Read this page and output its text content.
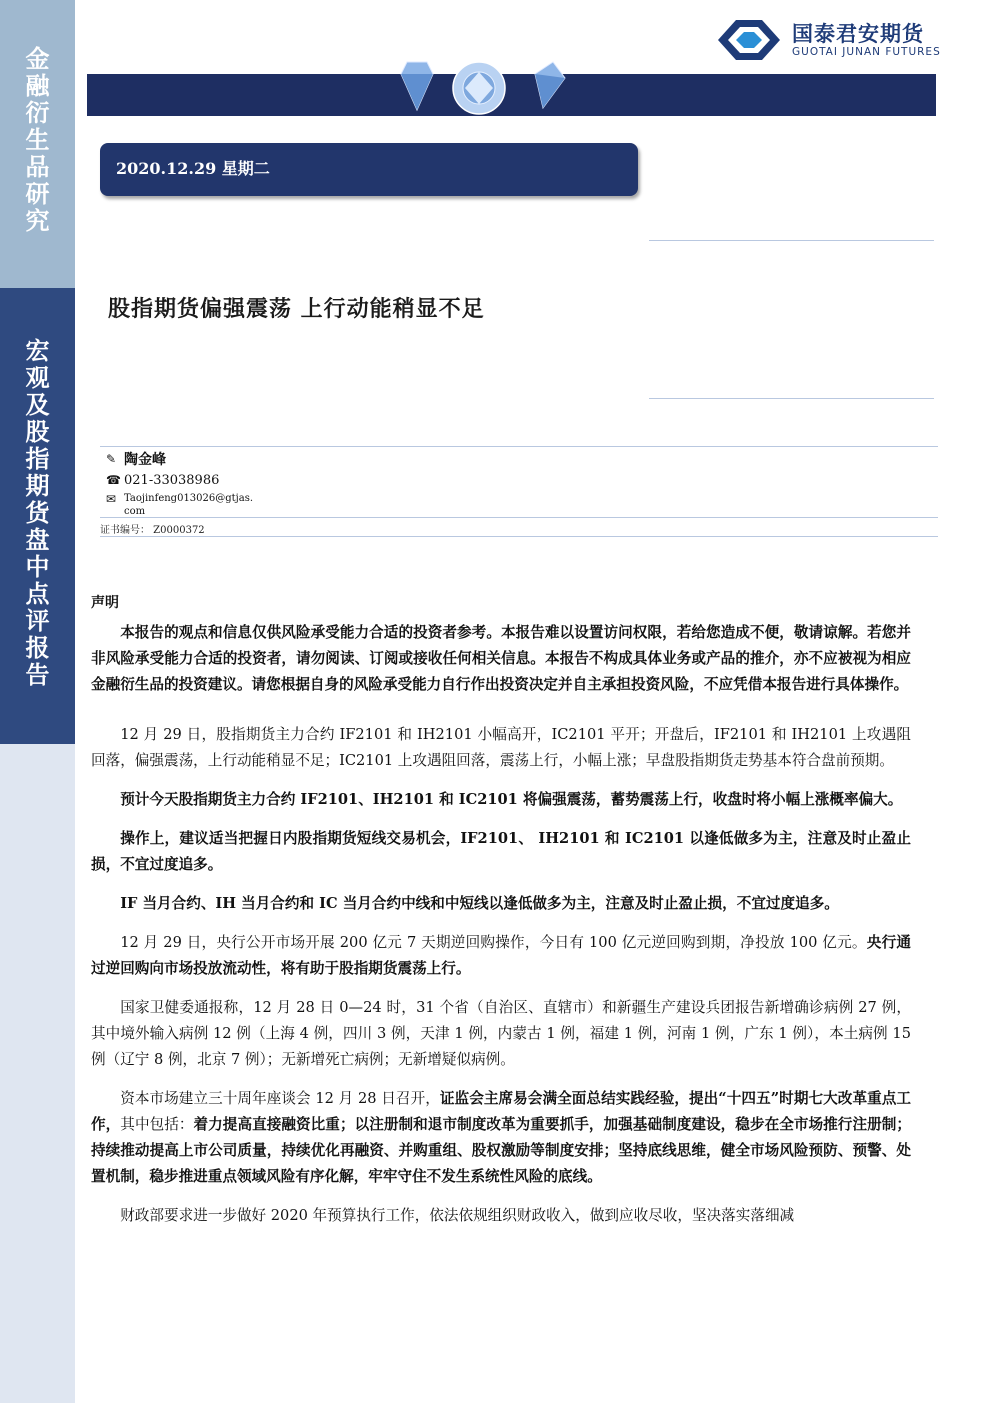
金
融
衍
生
品
研
究
宏
观
及
股
指
期
货
盘
中
点
评
报
告
国泰君安期货
GUOTAI JUNAN FUTURES
2020.12.29 星期二
股指期货偏强震荡 上行动能稍显不足
✎ 陶金峰
☎ 021-33038986
✉ Taojinfeng013026@gtjas.
com
证书编号： Z0000372
声明

本报告的观点和信息仅供风险承受能力合适的投资者参考。本报告难以设置访问权限，若给您造成不便，敬请谅解。若您并非风险承受能力合适的投资者，请勿阅读、订阅或接收任何相关信息。本报告不构成具体业务或产品的推介，亦不应被视为相应金融衍生品的投资建议。请您根据自身的风险承受能力自行作出投资决定并自主承担投资风险，不应凭借本报告进行具体操作。

12 月 29 日，股指期货主力合约 IF2101 和 IH2101 小幅高开，IC2101 平开；开盘后，IF2101 和 IH2101 上攻遇阻回落，偏强震荡，上行动能稍显不足；IC2101 上攻遇阻回落，震荡上行，小幅上涨；早盘股指期货走势基本符合盘前预期。

预计今天股指期货主力合约 IF2101、IH2101 和 IC2101 将偏强震荡，蓄势震荡上行，收盘时将小幅上涨概率偏大。

操作上，建议适当把握日内股指期货短线交易机会，IF2101、 IH2101 和 IC2101 以逢低做多为主，注意及时止盈止损，不宜过度追多。

IF 当月合约、IH 当月合约和 IC 当月合约中线和中短线以逢低做多为主，注意及时止盈止损，不宜过度追多。

12 月 29 日，央行公开市场开展 200 亿元 7 天期逆回购操作，今日有 100 亿元逆回购到期，净投放 100 亿元。央行通过逆回购向市场投放流动性，将有助于股指期货震荡上行。

国家卫健委通报称，12 月 28 日 0—24 时，31 个省（自治区、直辖市）和新疆生产建设兵团报告新增确诊病例 27 例，其中境外输入病例 12 例（上海 4 例，四川 3 例，天津 1 例，内蒙古 1 例，福建 1 例，河南 1 例，广东 1 例），本土病例 15 例（辽宁 8 例，北京 7 例）；无新增死亡病例；无新增疑似病例。

资本市场建立三十周年座谈会 12 月 28 日召开，证监会主席易会满全面总结实践经验，提出“十四五”时期七大改革重点工作，其中包括：着力提高直接融资比重；以注册制和退市制度改革为重要抓手，加强基础制度建设，稳步在全市场推行注册制；持续推动提高上市公司质量，持续优化再融资、并购重组、股权激励等制度安排；坚持底线思维，健全市场风险预防、预警、处置机制，稳步推进重点领域风险有序化解，牢牢守住不发生系统性风险的底线。

财政部要求进一步做好 2020 年预算执行工作，依法依规组织财政收入，做到应收尽收，坚决落实落细减
